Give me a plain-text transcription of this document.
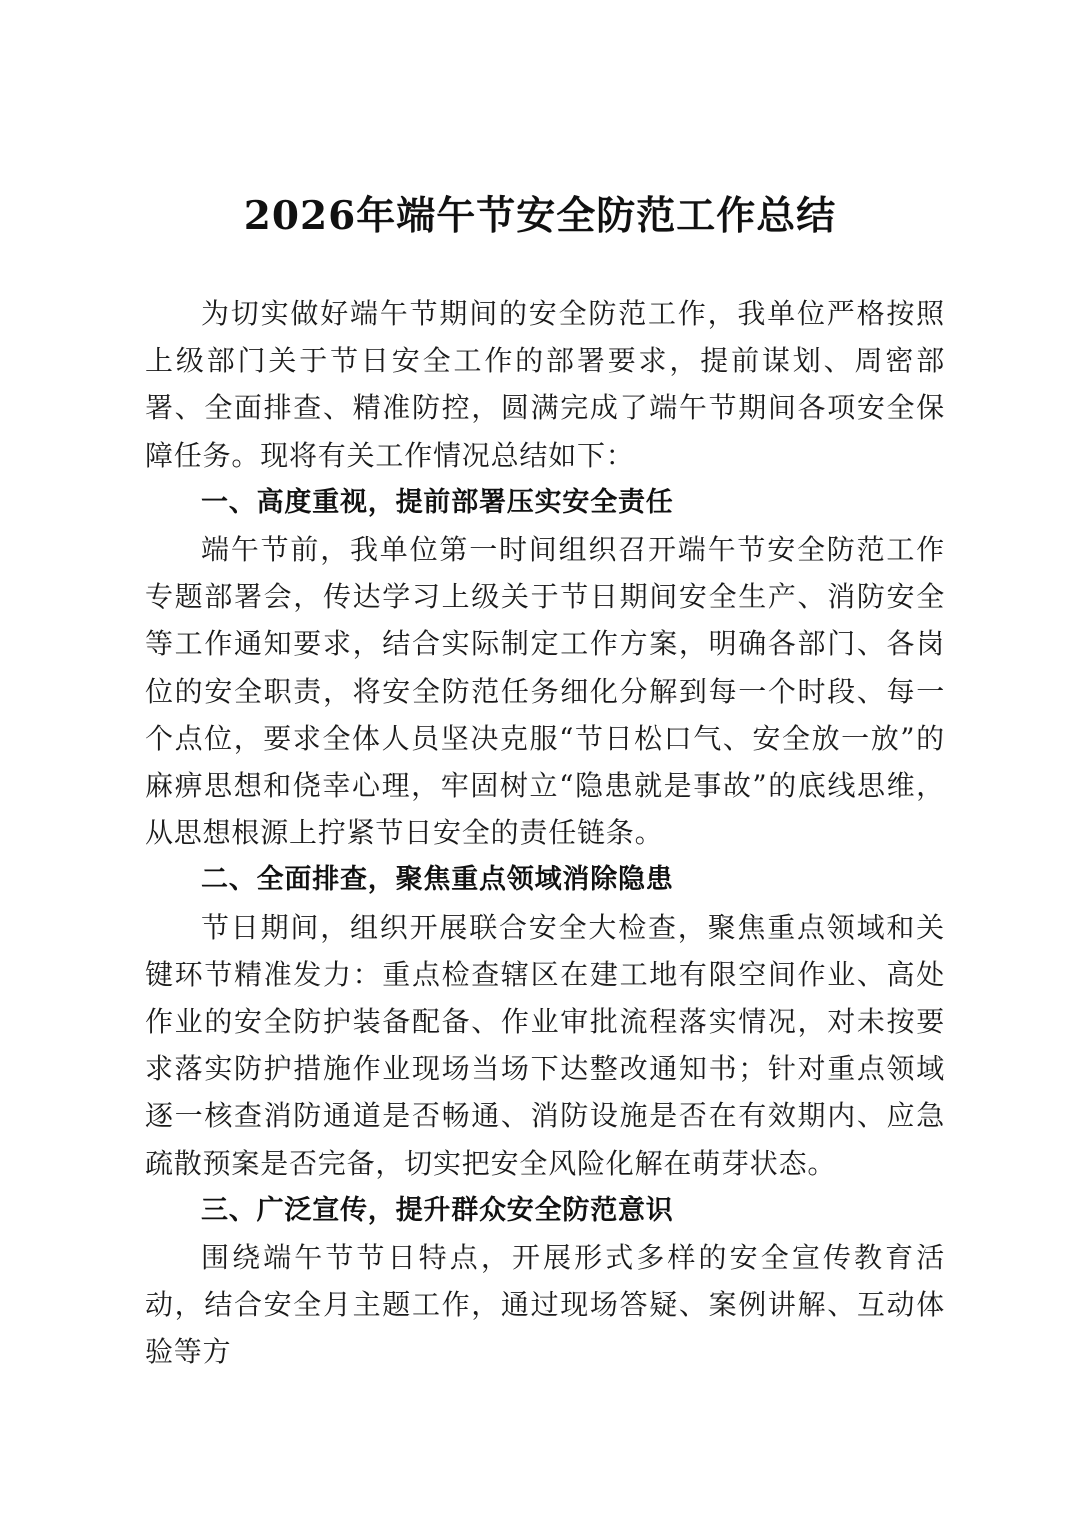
2026年端午节安全防范工作总结

为切实做好端午节期间的安全防范工作，我单位严格按照上级部门关于节日安全工作的部署要求，提前谋划、周密部署、全面排查、精准防控，圆满完成了端午节期间各项安全保障任务。现将有关工作情况总结如下：

一、高度重视，提前部署压实安全责任

端午节前，我单位第一时间组织召开端午节安全防范工作专题部署会，传达学习上级关于节日期间安全生产、消防安全等工作通知要求，结合实际制定工作方案，明确各部门、各岗位的安全职责，将安全防范任务细化分解到每一个时段、每一个点位，要求全体人员坚决克服“节日松口气、安全放一放”的麻痹思想和侥幸心理，牢固树立“隐患就是事故”的底线思维，从思想根源上拧紧节日安全的责任链条。

二、全面排查，聚焦重点领域消除隐患

节日期间，组织开展联合安全大检查，聚焦重点领域和关键环节精准发力：重点检查辖区在建工地有限空间作业、高处作业的安全防护装备配备、作业审批流程落实情况，对未按要求落实防护措施作业现场当场下达整改通知书；针对重点领域逐一核查消防通道是否畅通、消防设施是否在有效期内、应急疏散预案是否完备，切实把安全风险化解在萌芽状态。

三、广泛宣传，提升群众安全防范意识

围绕端午节节日特点，开展形式多样的安全宣传教育活动，结合安全月主题工作，通过现场答疑、案例讲解、互动体验等方
